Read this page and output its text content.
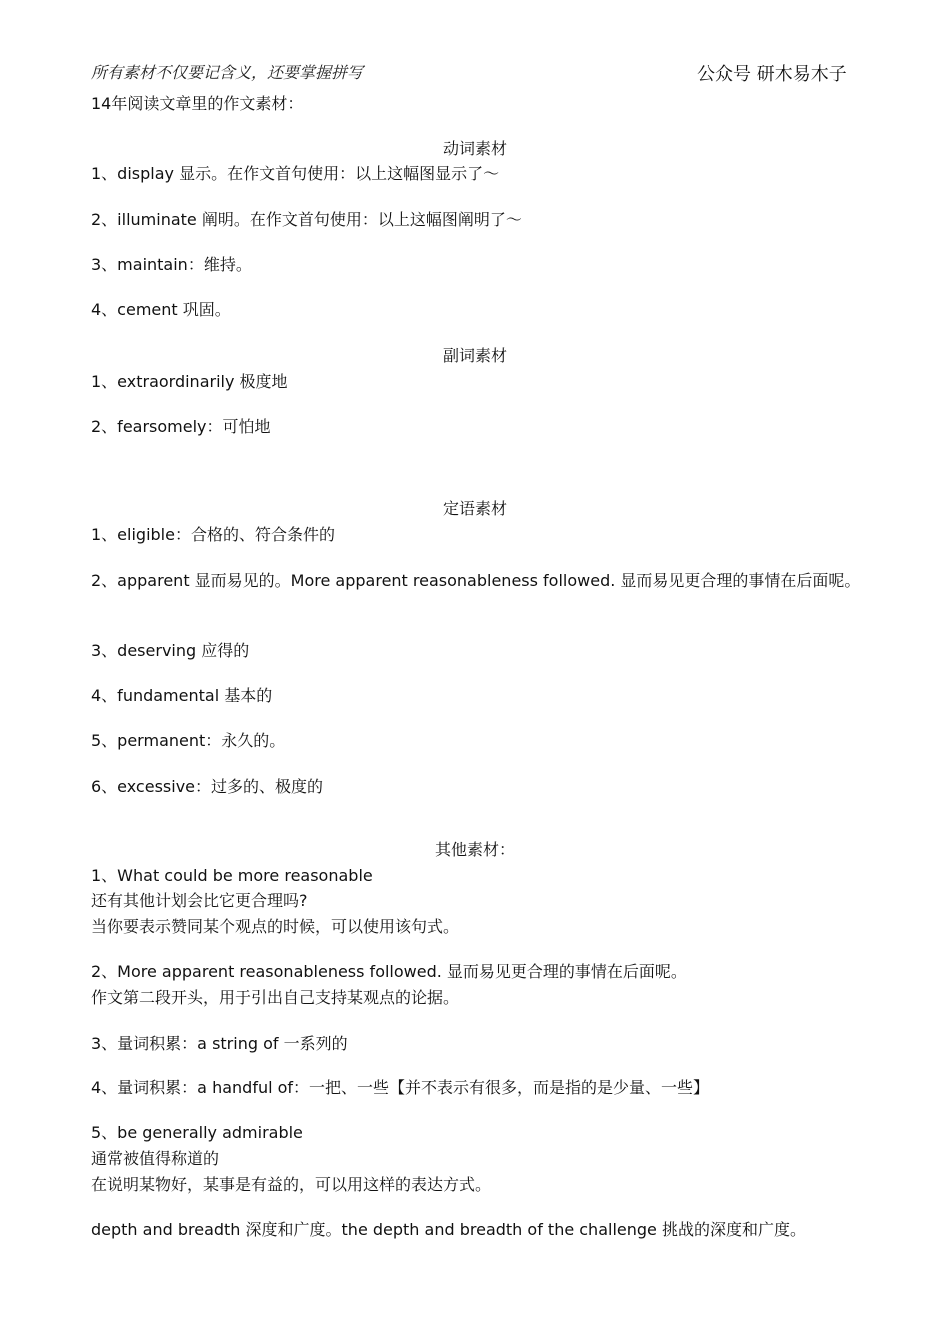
所有素材不仅要记含义，还要掌握拼写	公众号 研木易木子
14年阅读文章里的作文素材：
动词素材
1、display 显示。在作文首句使用：以上这幅图显示了～
2、illuminate 阐明。在作文首句使用：以上这幅图阐明了～
3、maintain：维持。
4、cement 巩固。
副词素材
1、extraordinarily 极度地
2、fearsomely：可怕地
定语素材
1、eligible：合格的、符合条件的
2、apparent 显而易见的。More apparent reasonableness followed. 显而易见更合理的事情在后面呢。
3、deserving 应得的
4、fundamental 基本的
5、permanent：永久的。
6、excessive：过多的、极度的
其他素材：
1、What could be more reasonable
还有其他计划会比它更合理吗?
当你要表示赞同某个观点的时候，可以使用该句式。
2、More apparent reasonableness followed. 显而易见更合理的事情在后面呢。
作文第二段开头，用于引出自己支持某观点的论据。
3、量词积累：a string of 一系列的
4、量词积累：a handful of：一把、一些【并不表示有很多，而是指的是少量、一些】
5、be generally admirable
通常被值得称道的
在说明某物好，某事是有益的，可以用这样的表达方式。
depth and breadth 深度和广度。the depth and breadth of the challenge 挑战的深度和广度。
